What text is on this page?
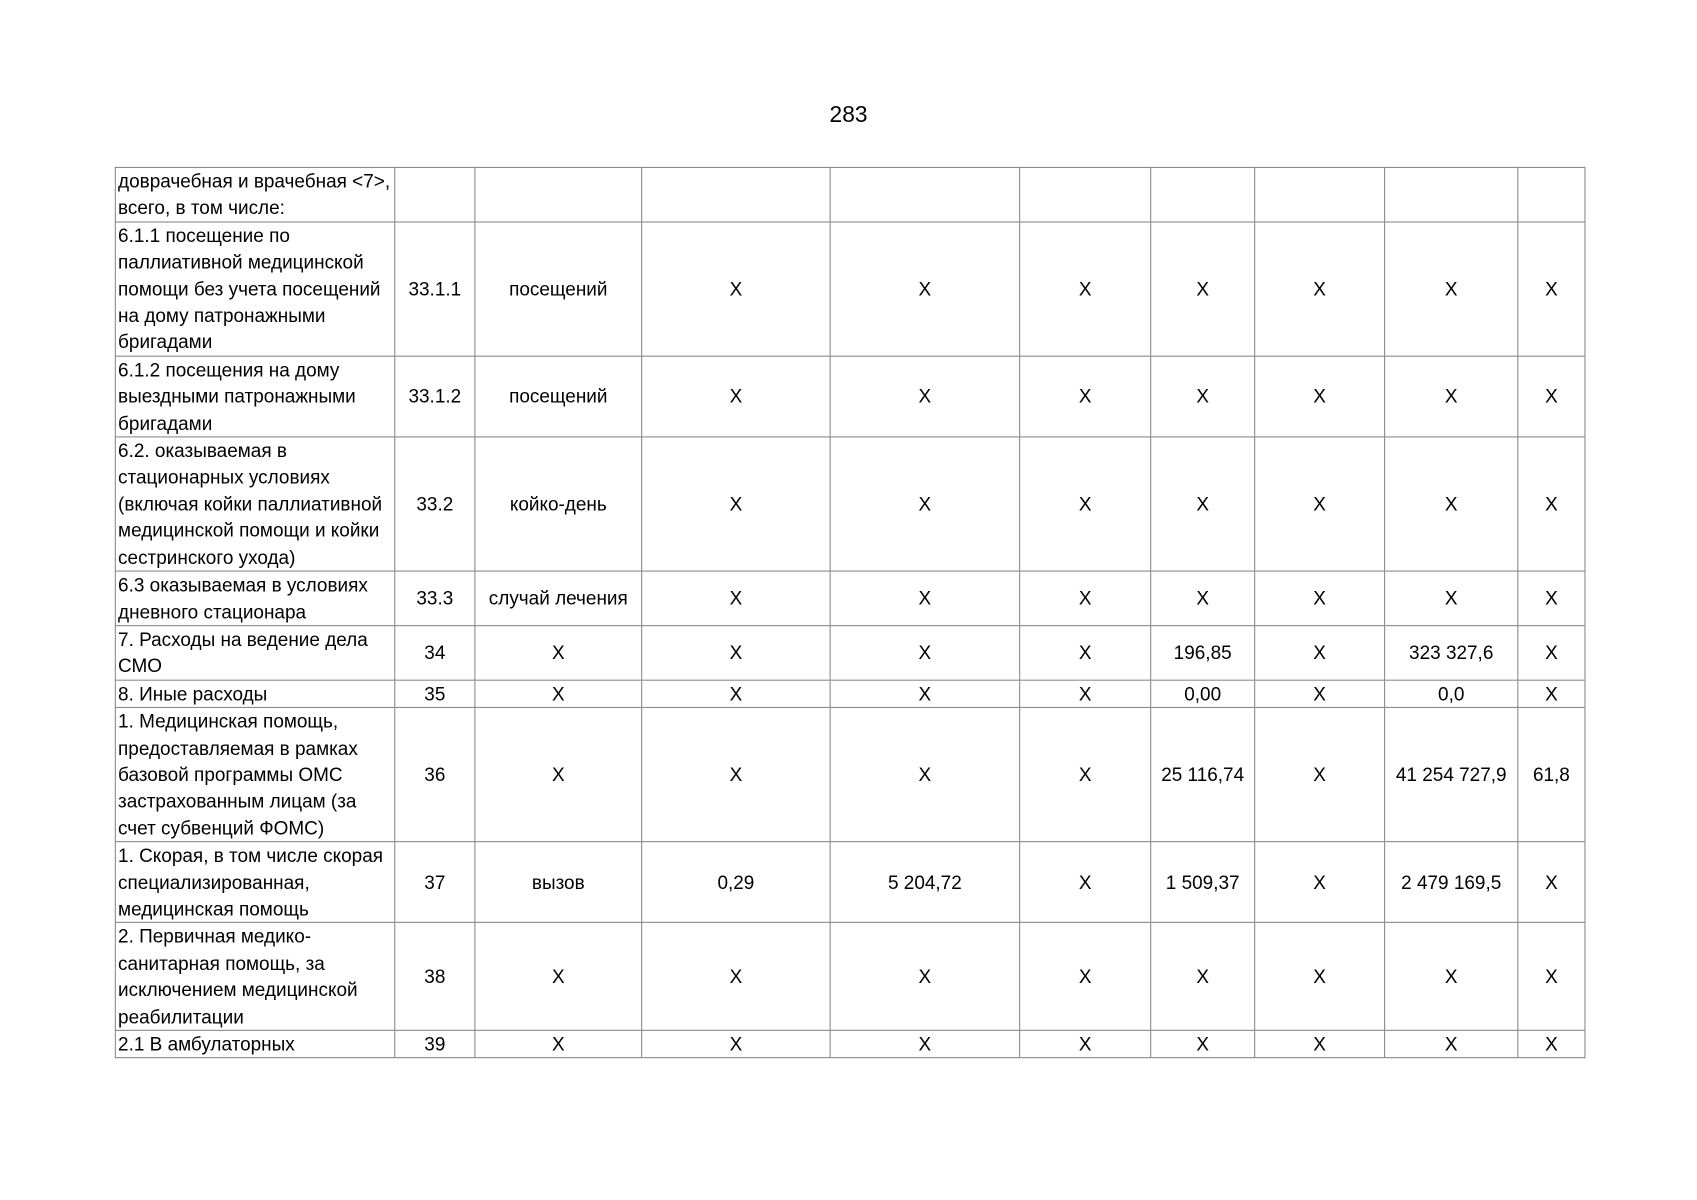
283
доврачебная и врачебная <7>, всего, в том числе:									
6.1.1 посещение по паллиативной медицинской помощи без учета посещений на дому патронажными бригадами	33.1.1	посещений	X	X	X	X	X	X	X
6.1.2 посещения на дому выездными патронажными бригадами	33.1.2	посещений	X	X	X	X	X	X	X
6.2. оказываемая в стационарных условиях (включая койки паллиативной медицинской помощи и койки сестринского ухода)	33.2	койко-день	X	X	X	X	X	X	X
6.3 оказываемая в условиях дневного стационара	33.3	случай лечения	X	X	X	X	X	X	X
7. Расходы на ведение дела СМО	34	X	X	X	X	196,85	X	323 327,6	X
8. Иные расходы	35	X	X	X	X	0,00	X	0,0	X
1. Медицинская помощь, предоставляемая в рамках базовой программы ОМС застрахованным лицам (за счет субвенций ФОМС)	36	X	X	X	X	25 116,74	X	41 254 727,9	61,8
1. Скорая, в том числе скорая специализированная, медицинская помощь	37	вызов	0,29	5 204,72	X	1 509,37	X	2 479 169,5	X
2. Первичная медико-санитарная помощь, за исключением медицинской реабилитации	38	X	X	X	X	X	X	X	X
2.1 В амбулаторных	39	X	X	X	X	X	X	X	X
